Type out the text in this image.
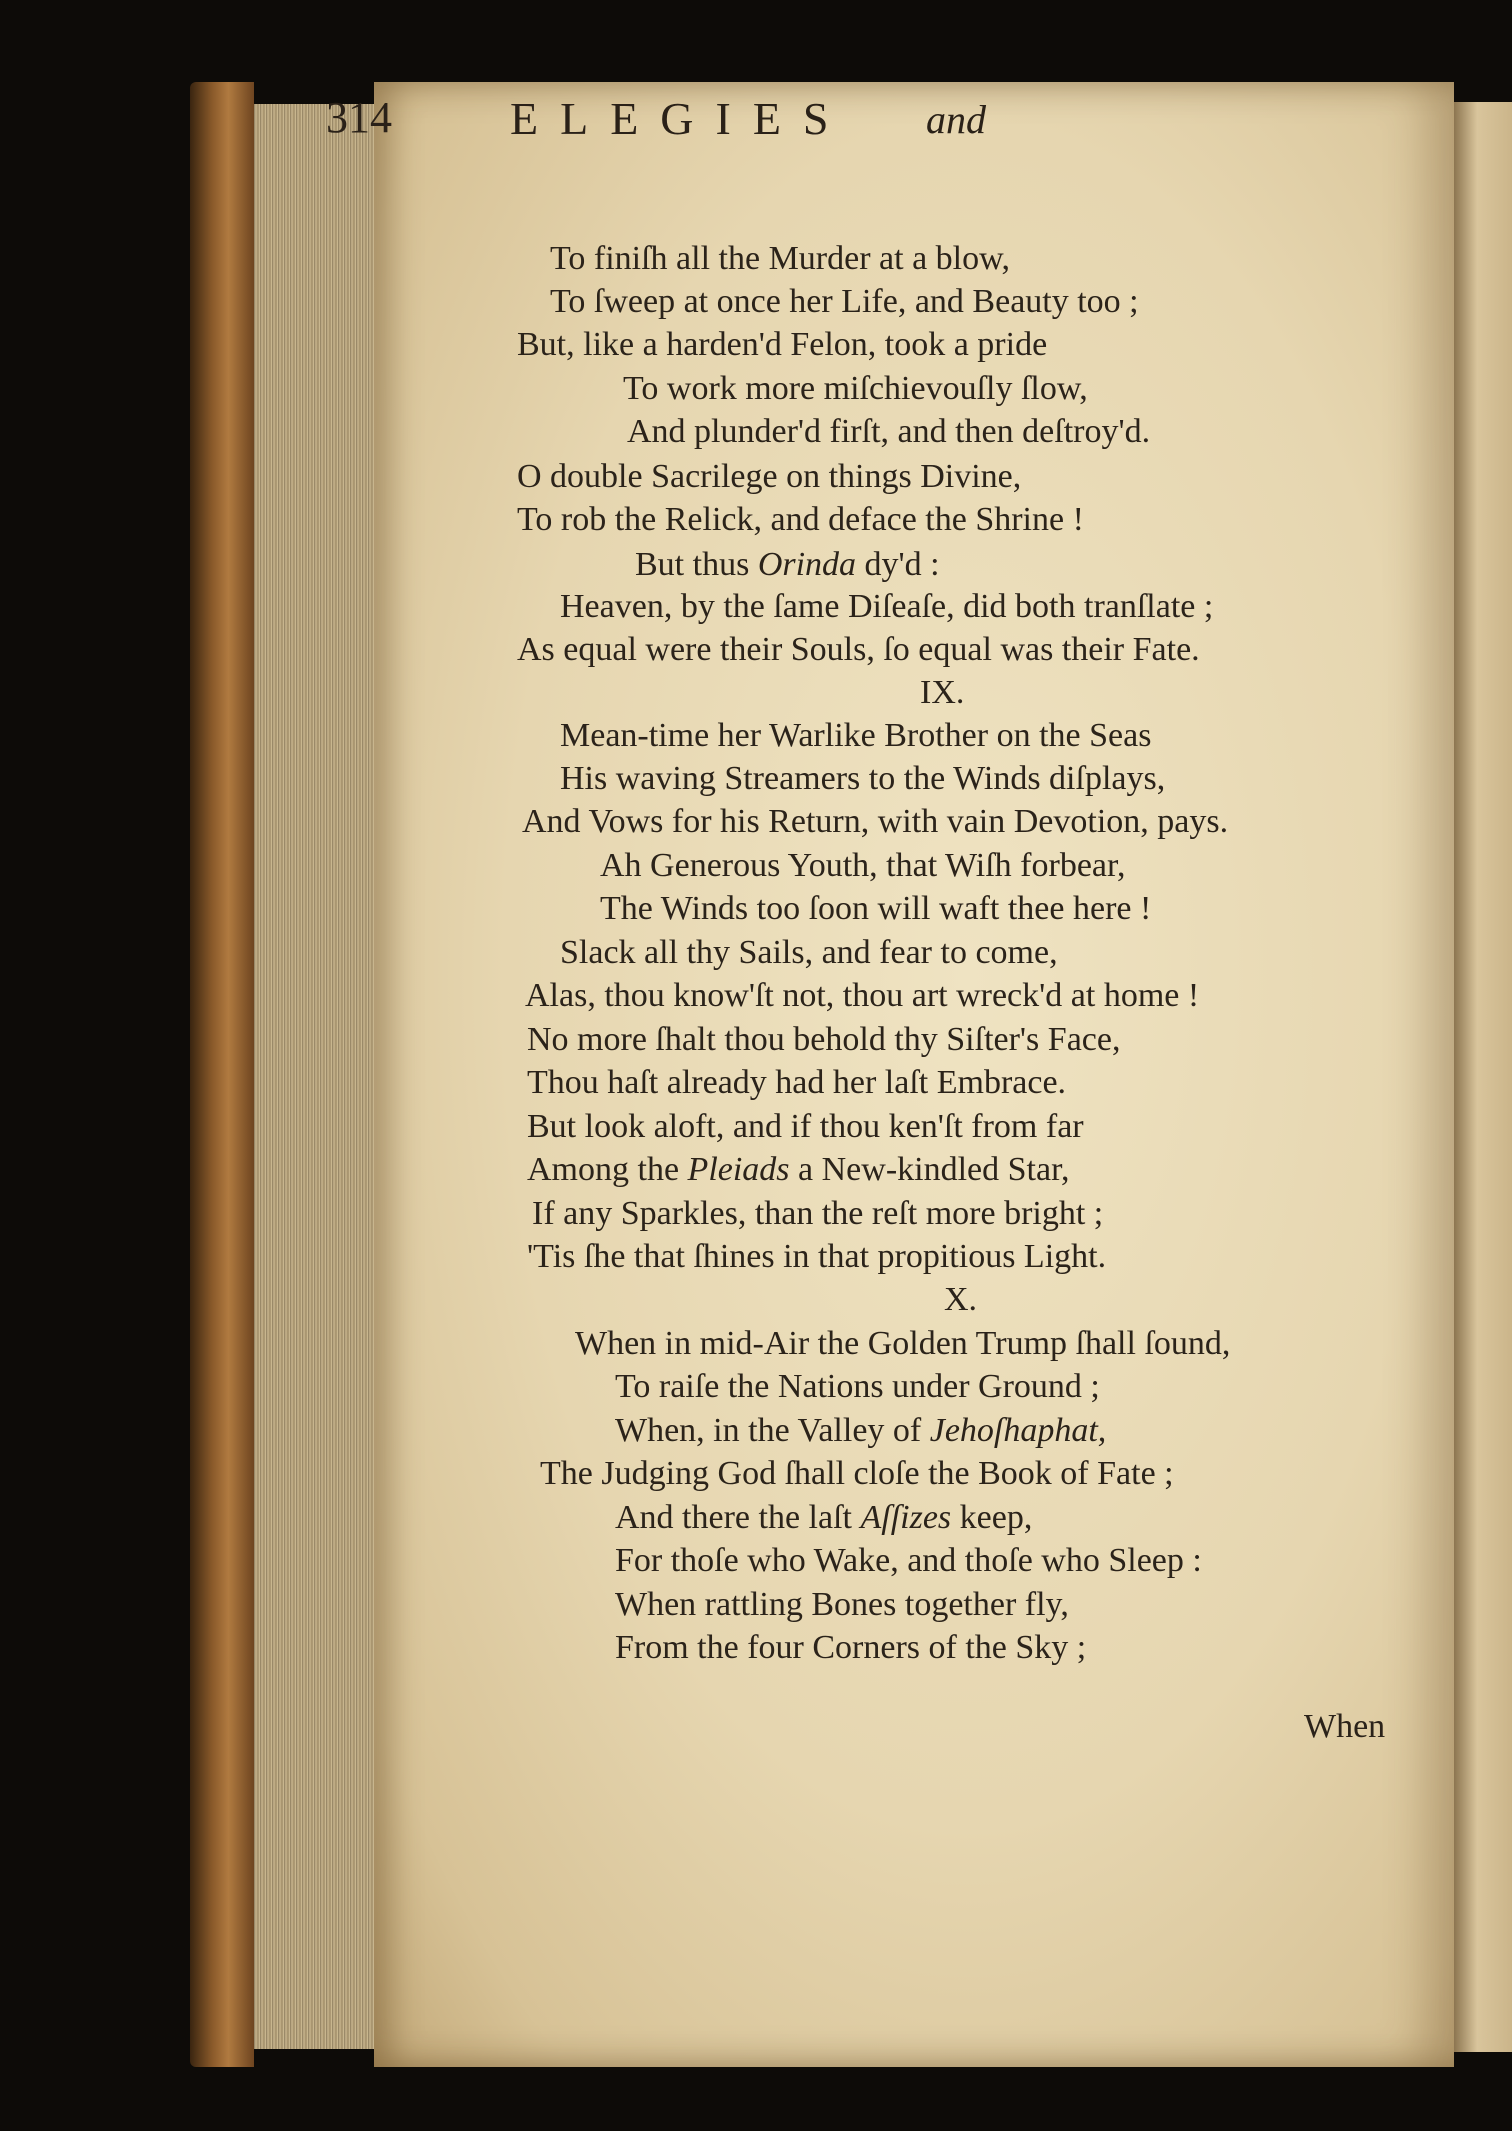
314	ELEGIES and
To finiſh all the Murder at a blow,
To ſweep at once her Life, and Beauty too ;
But, like a harden'd Felon, took a pride
To work more miſchievouſly ſlow,
And plunder'd firſt, and then deſtroy'd.
O double Sacrilege on things Divine,
To rob the Relick, and deface the Shrine !
But thus Orinda dy'd :
Heaven, by the ſame Diſeaſe, did both tranſlate ;
As equal were their Souls, ſo equal was their Fate.
IX.
Mean-time her Warlike Brother on the Seas
His waving Streamers to the Winds diſplays,
And Vows for his Return, with vain Devotion, pays.
Ah Generous Youth, that Wiſh forbear,
The Winds too ſoon will waft thee here !
Slack all thy Sails, and fear to come,
Alas, thou know'ſt not, thou art wreck'd at home !
No more ſhalt thou behold thy Siſter's Face,
Thou haſt already had her laſt Embrace.
But look aloft, and if thou ken'ſt from far
Among the Pleiads a New-kindled Star,
If any Sparkles, than the reſt more bright ;
'Tis ſhe that ſhines in that propitious Light.
X.
When in mid-Air the Golden Trump ſhall ſound,
To raiſe the Nations under Ground ;
When, in the Valley of Jehoſhaphat,
The Judging God ſhall cloſe the Book of Fate ;
And there the laſt Aſſizes keep,
For thoſe who Wake, and thoſe who Sleep :
When rattling Bones together fly,
From the four Corners of the Sky ;
When
